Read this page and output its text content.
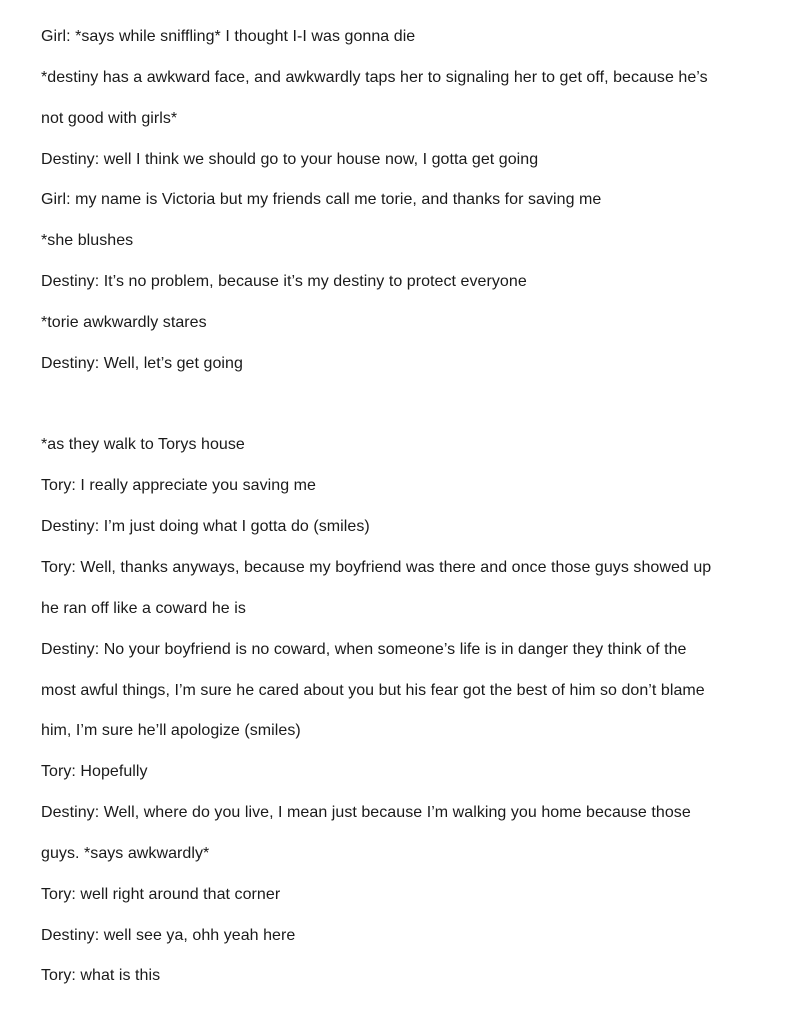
Girl: *says while sniffling* I thought I-I was gonna die
*destiny has a awkward face, and awkwardly taps her to signaling her to get off, because he’s
not good with girls*
Destiny: well I think we should go to your house now, I gotta get going
Girl: my name is Victoria but my friends call me torie, and thanks for saving me
*she blushes
Destiny: It’s no problem, because it’s my destiny to protect everyone
*torie awkwardly stares
Destiny: Well, let’s get going
*as they walk to Torys house
Tory: I really appreciate you saving me
Destiny: I’m just doing what I gotta do (smiles)
Tory: Well, thanks anyways, because my boyfriend was there and once those guys showed up
he ran off like a coward he is
Destiny: No your boyfriend is no coward, when someone’s life is in danger they think of the
most awful things, I’m sure he cared about you but his fear got the best of him so don’t blame
him, I’m sure he’ll apologize (smiles)
Tory: Hopefully
Destiny: Well, where do you live, I mean just because I’m walking you home because those
guys. *says awkwardly*
Tory: well right around that corner
Destiny: well see ya, ohh yeah here
Tory: what is this
